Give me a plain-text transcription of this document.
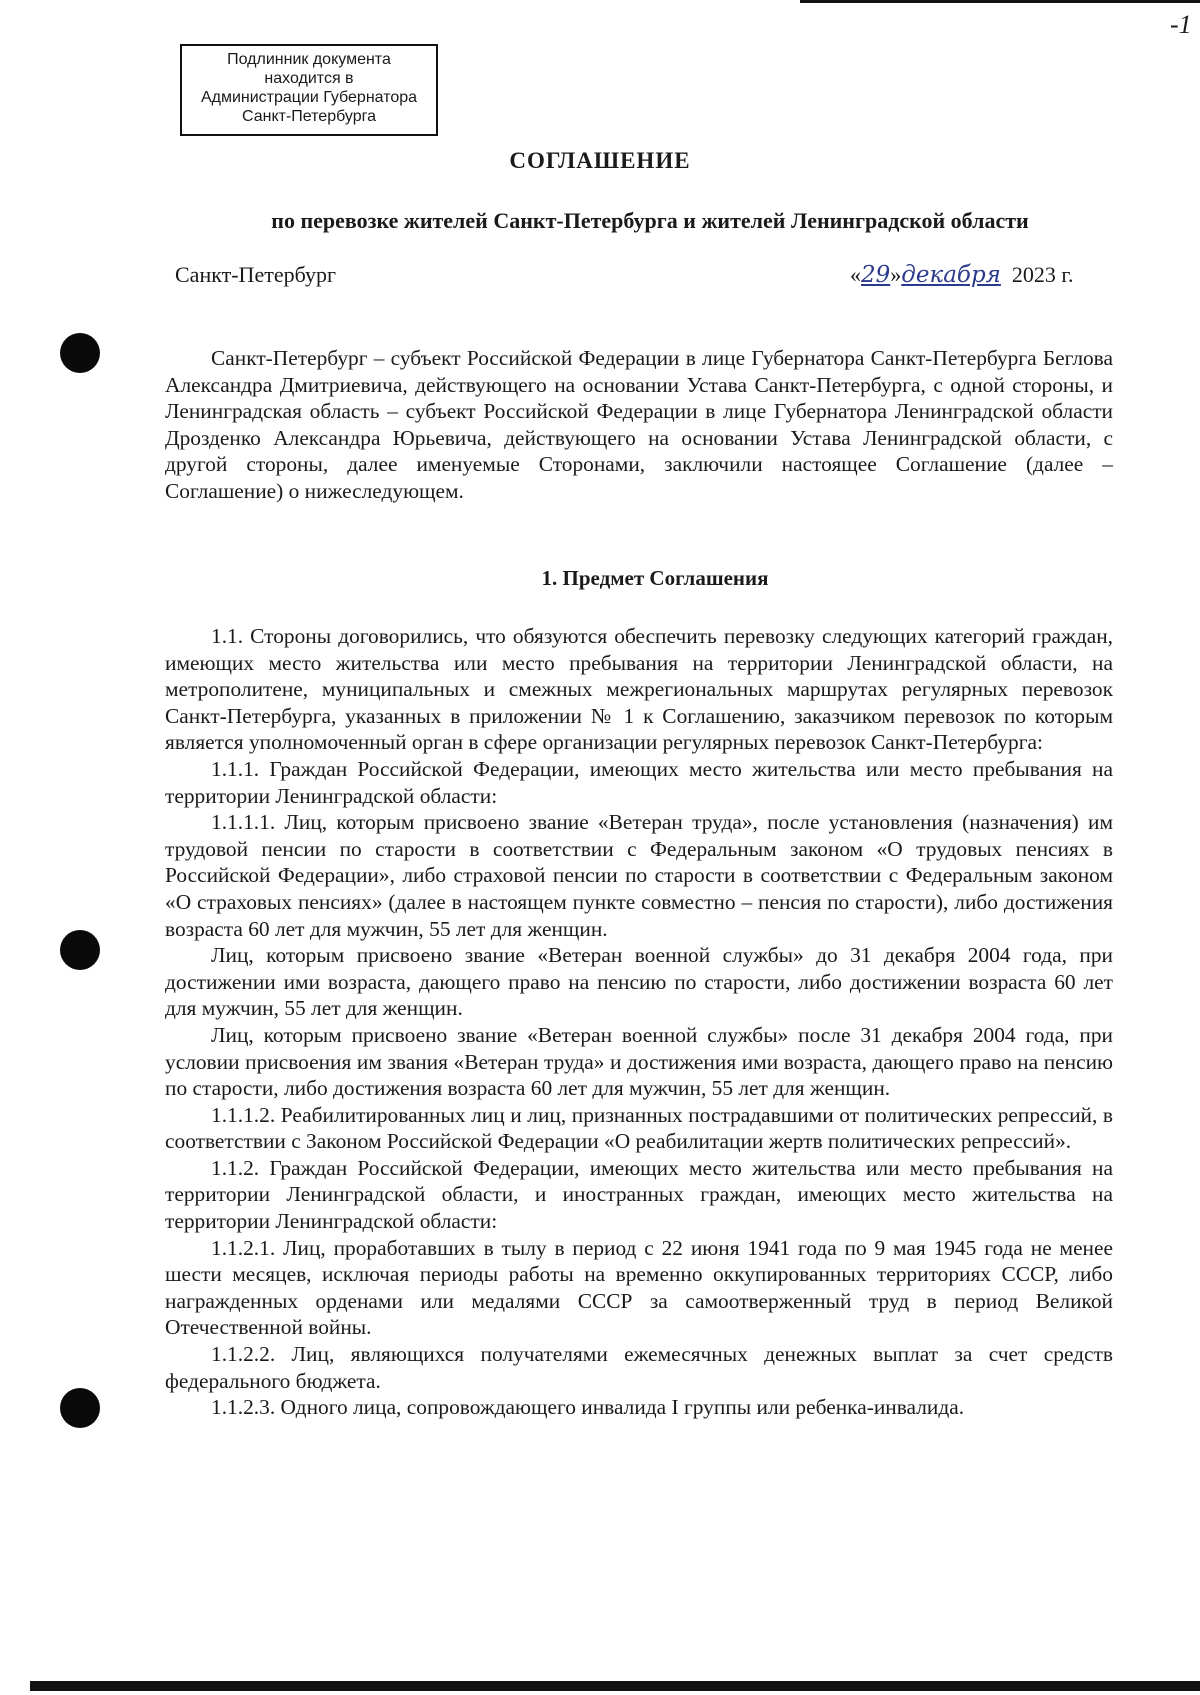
-1
Подлинник документа
находится в
Администрации Губернатора
Санкт-Петербурга
СОГЛАШЕНИЕ
по перевозке жителей Санкт-Петербурга и жителей Ленинградской области
Санкт-Петербург	«29»декабря 2023 г.

Санкт-Петербург – субъект Российской Федерации в лице Губернатора Санкт-Петербурга Беглова Александра Дмитриевича, действующего на основании Устава Санкт-Петербурга, с одной стороны, и Ленинградская область – субъект Российской Федерации в лице Губернатора Ленинградской области Дрозденко Александра Юрьевича, действующего на основании Устава Ленинградской области, с другой стороны, далее именуемые Сторонами, заключили настоящее Соглашение (далее – Соглашение) о нижеследующем.

1. Предмет Соглашения

1.1. Стороны договорились, что обязуются обеспечить перевозку следующих категорий граждан, имеющих место жительства или место пребывания на территории Ленинградской области, на метрополитене, муниципальных и смежных межрегиональных маршрутах регулярных перевозок Санкт-Петербурга, указанных в приложении № 1 к Соглашению, заказчиком перевозок по которым является уполномоченный орган в сфере организации регулярных перевозок Санкт-Петербурга:

1.1.1. Граждан Российской Федерации, имеющих место жительства или место пребывания на территории Ленинградской области:

1.1.1.1. Лиц, которым присвоено звание «Ветеран труда», после установления (назначения) им трудовой пенсии по старости в соответствии с Федеральным законом «О трудовых пенсиях в Российской Федерации», либо страховой пенсии по старости в соответствии с Федеральным законом «О страховых пенсиях» (далее в настоящем пункте совместно – пенсия по старости), либо достижения возраста 60 лет для мужчин, 55 лет для женщин.

Лиц, которым присвоено звание «Ветеран военной службы» до 31 декабря 2004 года, при достижении ими возраста, дающего право на пенсию по старости, либо достижении возраста 60 лет для мужчин, 55 лет для женщин.

Лиц, которым присвоено звание «Ветеран военной службы» после 31 декабря 2004 года, при условии присвоения им звания «Ветеран труда» и достижения ими возраста, дающего право на пенсию по старости, либо достижения возраста 60 лет для мужчин, 55 лет для женщин.

1.1.1.2. Реабилитированных лиц и лиц, признанных пострадавшими от политических репрессий, в соответствии с Законом Российской Федерации «О реабилитации жертв политических репрессий».

1.1.2. Граждан Российской Федерации, имеющих место жительства или место пребывания на территории Ленинградской области, и иностранных граждан, имеющих место жительства на территории Ленинградской области:

1.1.2.1. Лиц, проработавших в тылу в период с 22 июня 1941 года по 9 мая 1945 года не менее шести месяцев, исключая периоды работы на временно оккупированных территориях СССР, либо награжденных орденами или медалями СССР за самоотверженный труд в период Великой Отечественной войны.

1.1.2.2. Лиц, являющихся получателями ежемесячных денежных выплат за счет средств федерального бюджета.

1.1.2.3. Одного лица, сопровождающего инвалида I группы или ребенка-инвалида.
